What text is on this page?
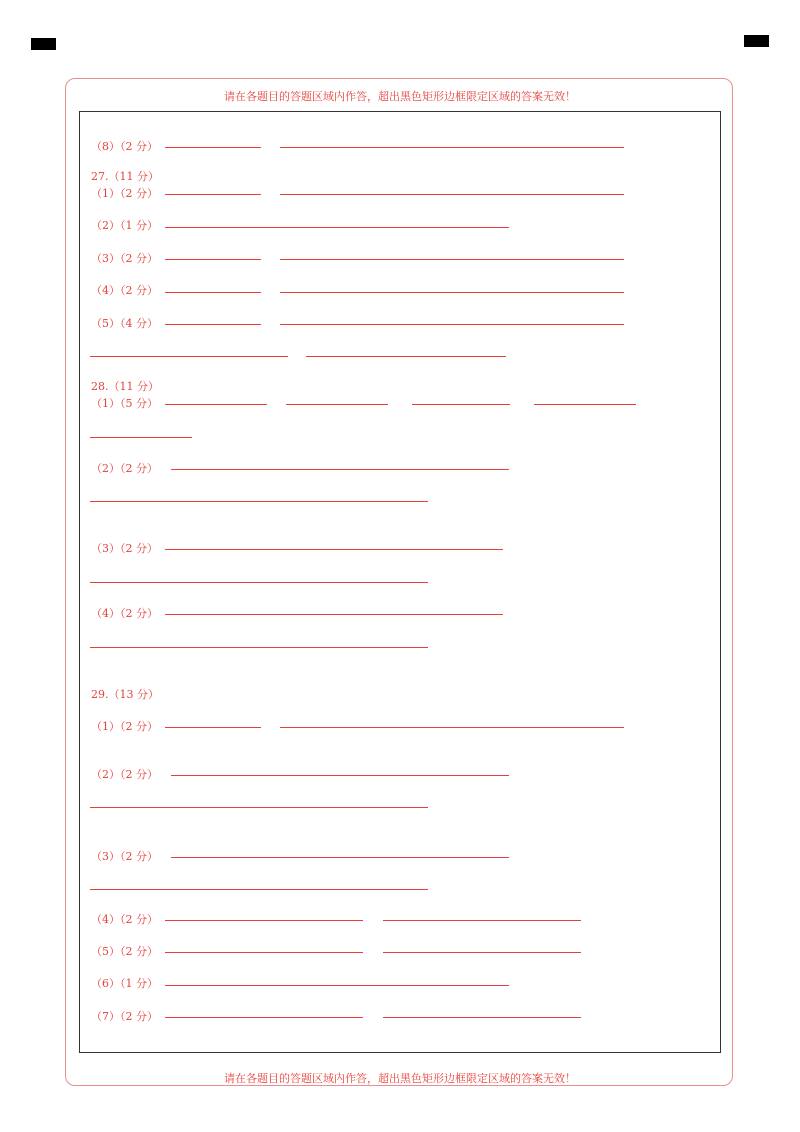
请在各题目的答题区域内作答，超出黑色矩形边框限定区域的答案无效！
请在各题目的答题区域内作答，超出黑色矩形边框限定区域的答案无效！
（8）（2 分）
27.（11 分）
（1）（2 分）
（2）（1 分）
（3）（2 分）
（4）（2 分）
（5）（4 分）
28.（11 分）
（1）（5 分）
（2）（2 分）
（3）（2 分）
（4）（2 分）
29.（13 分）
（1）（2 分）
（2）（2 分）
（3）（2 分）
（4）（2 分）
（5）（2 分）
（6）（1 分）
（7）（2 分）
